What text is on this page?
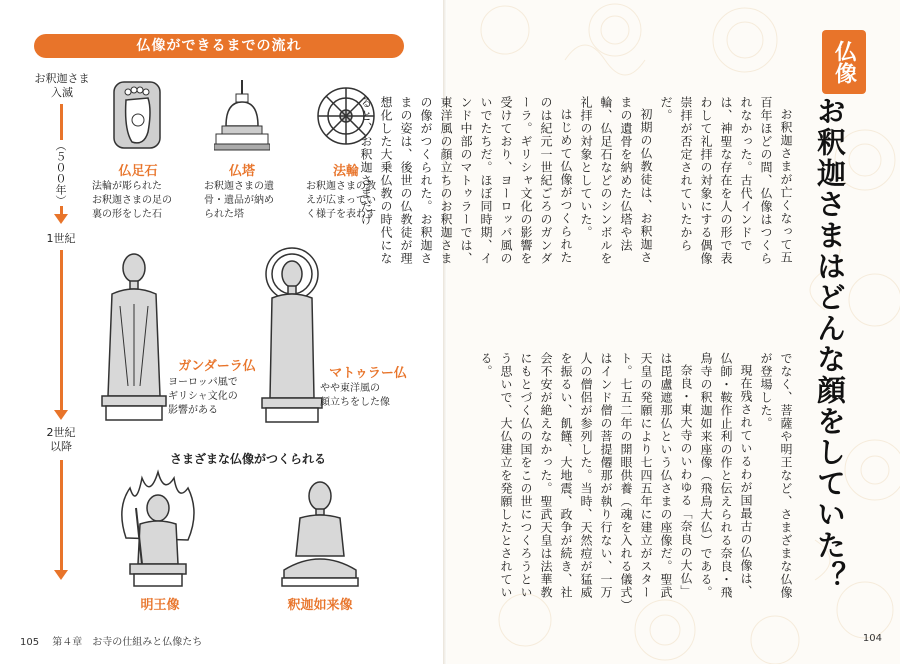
仏像ができるまでの流れ
お釈迦さま
入滅
（５００年）
1世紀
2世紀
以降
仏足石
法輪が彫られた
お釈迦さまの足の
裏の形をした石
仏塔
お釈迦さまの遺
骨・遺品が納め
られた塔
法輪
お釈迦さまの教
えが広まってい
く様子を表わす
ガンダーラ仏
ヨーロッパ風で
ギリシャ文化の
影響がある
マトゥラー仏
やや東洋風の
顔立ちをした像
さまざまな仏像がつくられる
明王像	釈迦如来像
105 第４章　お寺の仕組みと仏像たち
仏像
お釈迦さまはどんな顔をしていた？
お釈迦さまが亡くなって五百年ほどの間、仏像はつくられなかった。古代インドでは、神聖な存在を人の形で表わして礼拝の対象にする偶像崇拝が否定されていたからだ。
初期の仏教徒は、お釈迦さまの遺骨を納めた仏塔や法輪、仏足石などのシンボルを礼拝の対象としていた。
はじめて仏像がつくられたのは紀元一世紀ごろのガンダーラ。ギリシャ文化の影響を受けており、ヨーロッパ風のいでたちだ。ほぼ同時期、インド中部のマトゥラーでは、東洋風の顔立ちのお釈迦さまの像がつくられた。お釈迦さまの姿は、後世の仏教徒が理想化した大乗仏教の時代になると、お釈迦さまだけ
でなく、菩薩や明王など、さまざまな仏像が登場した。
現在残されているわが国最古の仏像は、仏師・鞍作止利の作と伝えられる奈良・飛鳥寺の釈迦如来座像（飛鳥大仏）である。
奈良・東大寺のいわゆる「奈良の大仏」は毘盧遮那仏という仏さまの座像だ。聖武天皇の発願により七四五年に建立がスタート。七五二年の開眼供養（魂を入れる儀式）はインド僧の菩提僊那が執り行ない、一万人の僧侶が参列した。当時、天然痘が猛威を振るい、飢饉、大地震、政争が続き、社会不安が絶えなかった。聖武天皇は法華教にもとづく仏の国をこの世につくろうという思いで、大仏建立を発願したとされている。
104
